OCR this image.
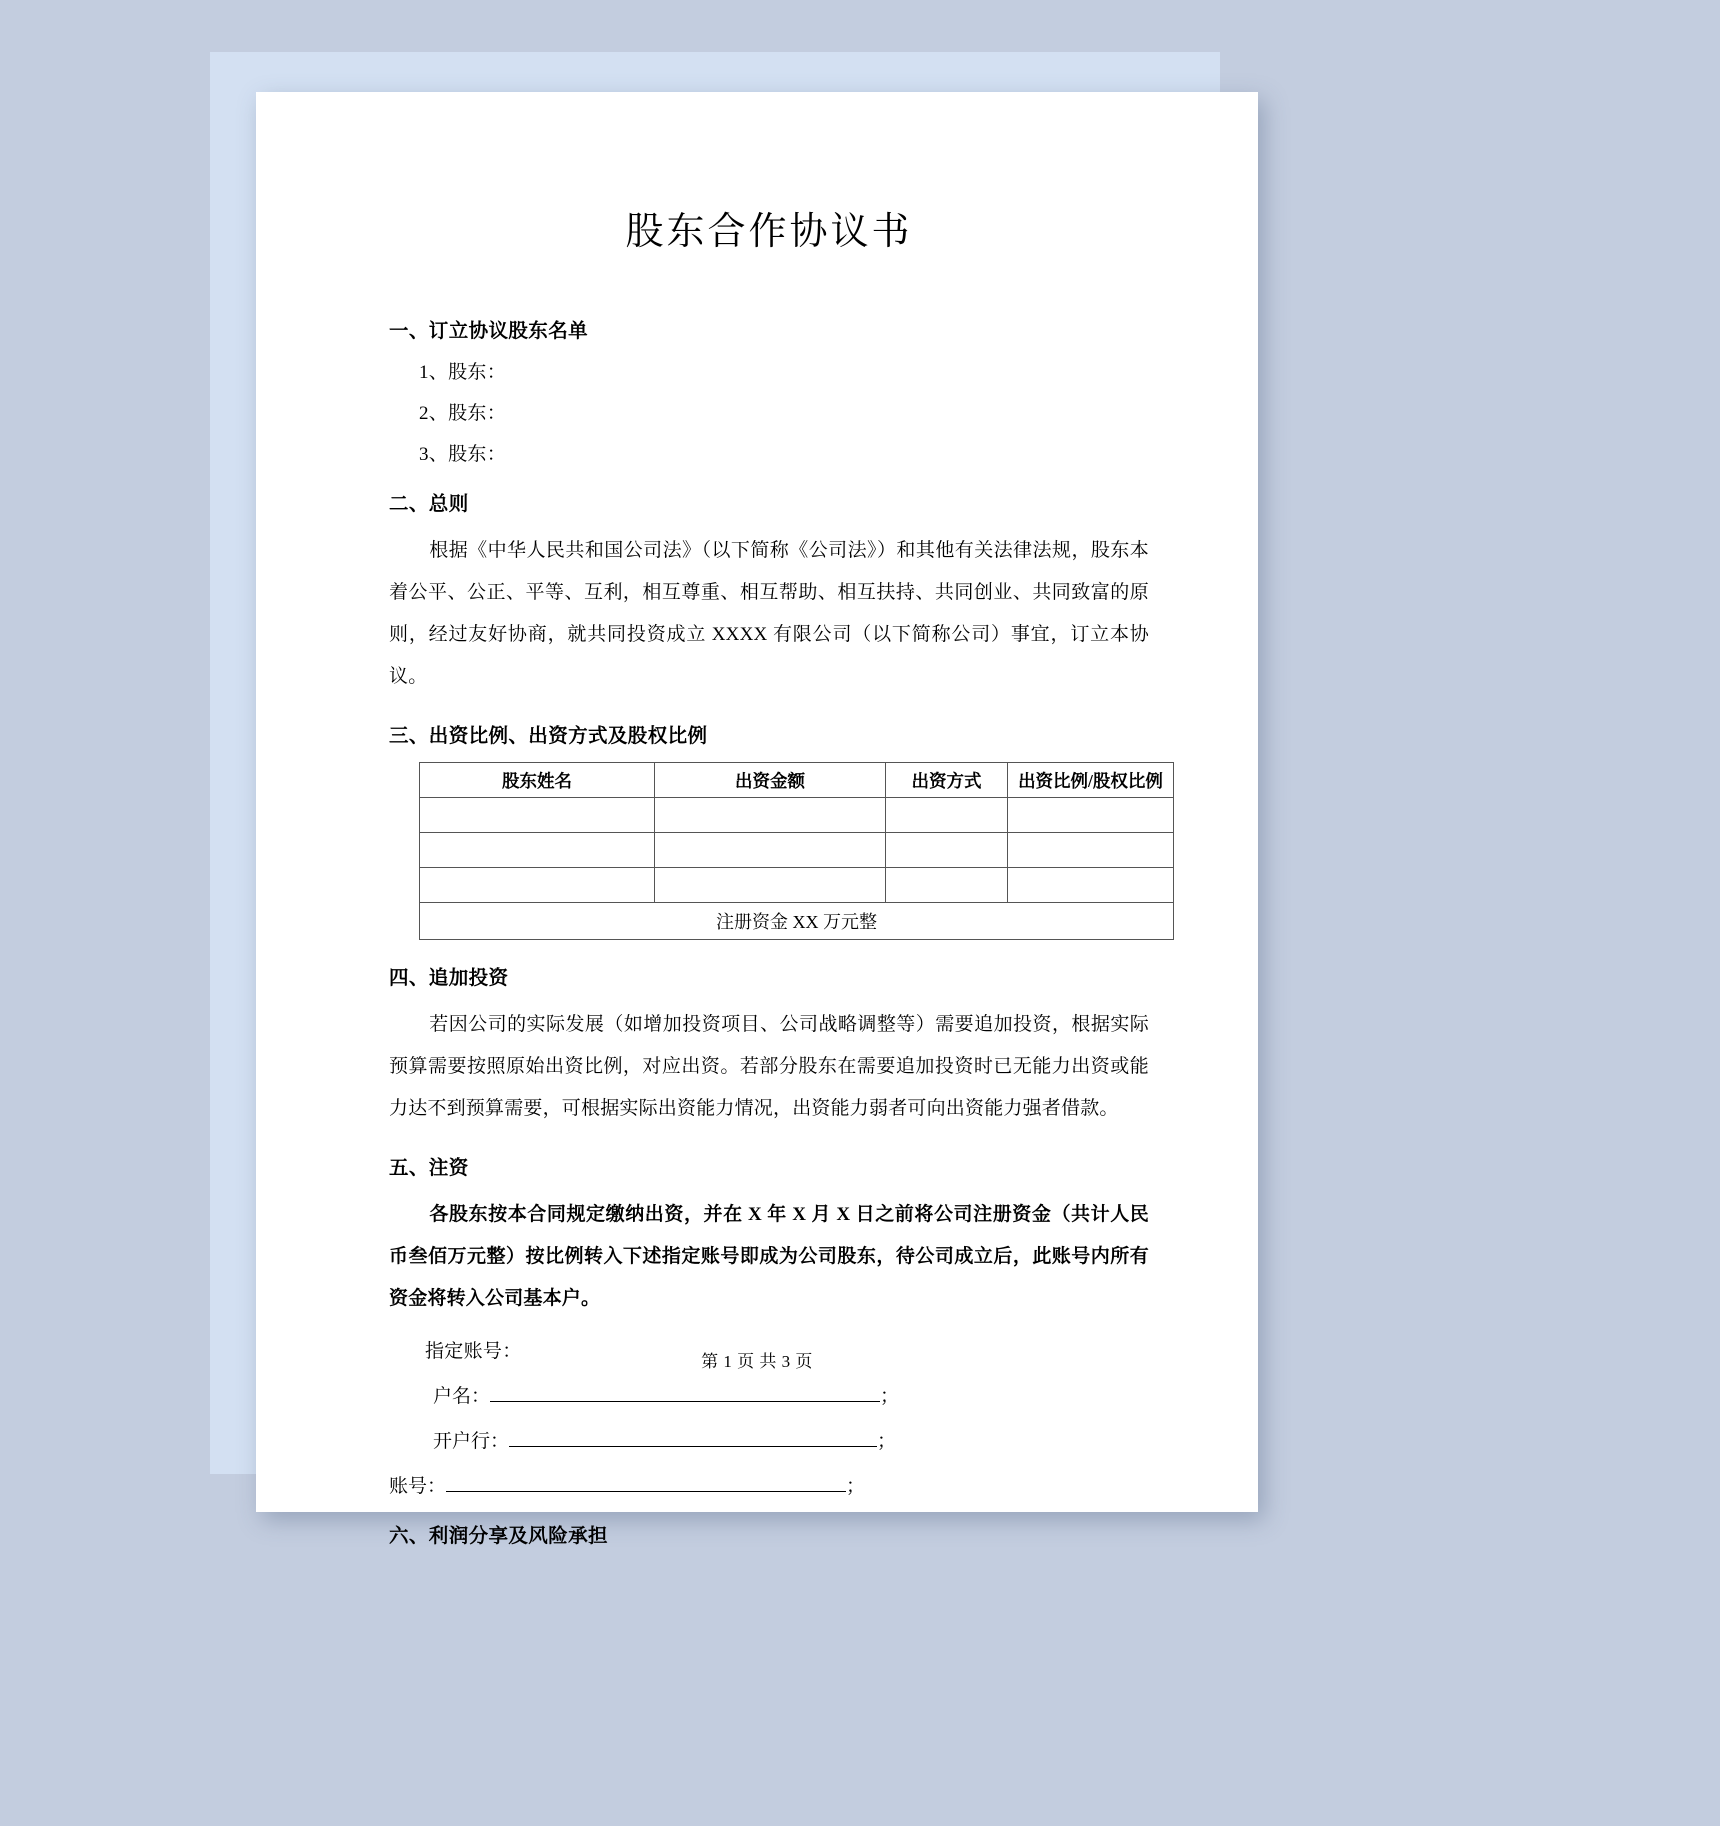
股东合作协议书
一、订立协议股东名单
1、股东：
2、股东：
3、股东：
二、总则

根据《中华人民共和国公司法》（以下简称《公司法》）和其他有关法律法规，股东本着公平、公正、平等、互利，相互尊重、相互帮助、相互扶持、共同创业、共同致富的原则，经过友好协商，就共同投资成立 XXXX 有限公司（以下简称公司）事宜，订立本协议。

三、出资比例、出资方式及股权比例
股东姓名	出资金额	出资方式	出资比例/股权比例

注册资金 XX 万元整			
四、追加投资

若因公司的实际发展（如增加投资项目、公司战略调整等）需要追加投资，根据实际预算需要按照原始出资比例，对应出资。若部分股东在需要追加投资时已无能力出资或能力达不到预算需要，可根据实际出资能力情况，出资能力弱者可向出资能力强者借款。

五、注资

各股东按本合同规定缴纳出资，并在 X 年 X 月 X 日之前将公司注册资金（共计人民币叁佰万元整）按比例转入下述指定账号即成为公司股东，待公司成立后，此账号内所有资金将转入公司基本户。

指定账号：
户名：	；
开户行：	；
账号：	；
六、利润分享及风险承担
第 1 页 共 3 页
